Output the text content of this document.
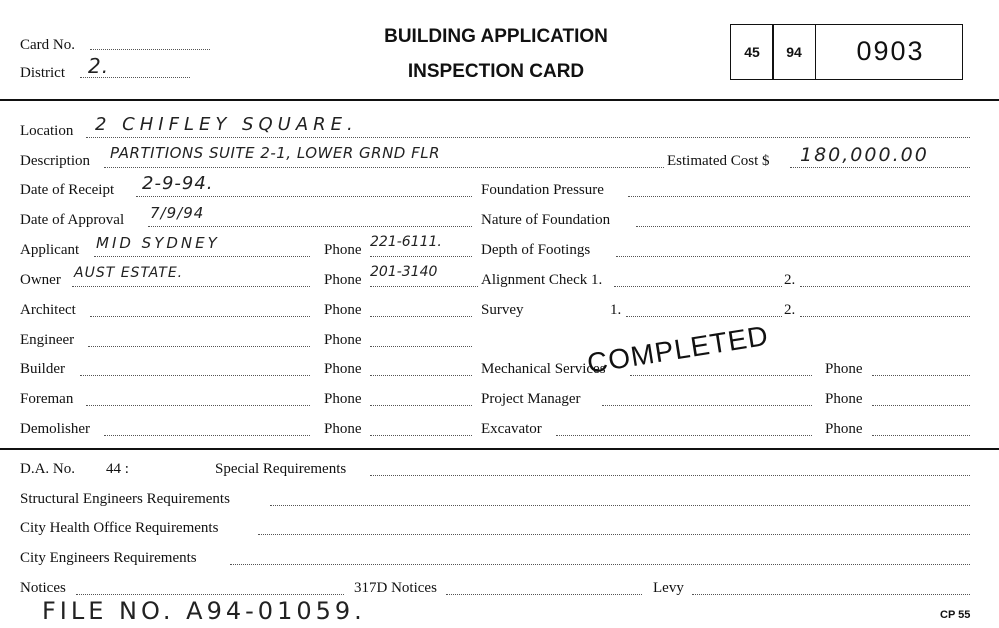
Card No.
District 2.
BUILDING APPLICATION
INSPECTION CARD
45	94	0903
Location 2 CHIFLEY SQUARE.
Description PARTITIONS SUITE 2-1, LOWER GRND FLR	Estimated Cost $ 180,000.00
Date of Receipt 2-9-94.	Foundation Pressure
Date of Approval 7/9/94	Nature of Foundation
Applicant MID SYDNEY	Phone 221-6111.	Depth of Footings
Owner AUST ESTATE.	Phone 201-3140	Alignment Check 1.	2.
Architect	Phone	Survey	1.	2.
Engineer	Phone
Builder	Phone	Mechanical Services	Phone
COMPLETED
Foreman	Phone	Project Manager	Phone
Demolisher	Phone	Excavator	Phone
D.A. No. 44 :	Special Requirements
Structural Engineers Requirements
City Health Office Requirements
City Engineers Requirements
Notices	317D Notices	Levy
FILE NO. A94-01059.	CP 55
